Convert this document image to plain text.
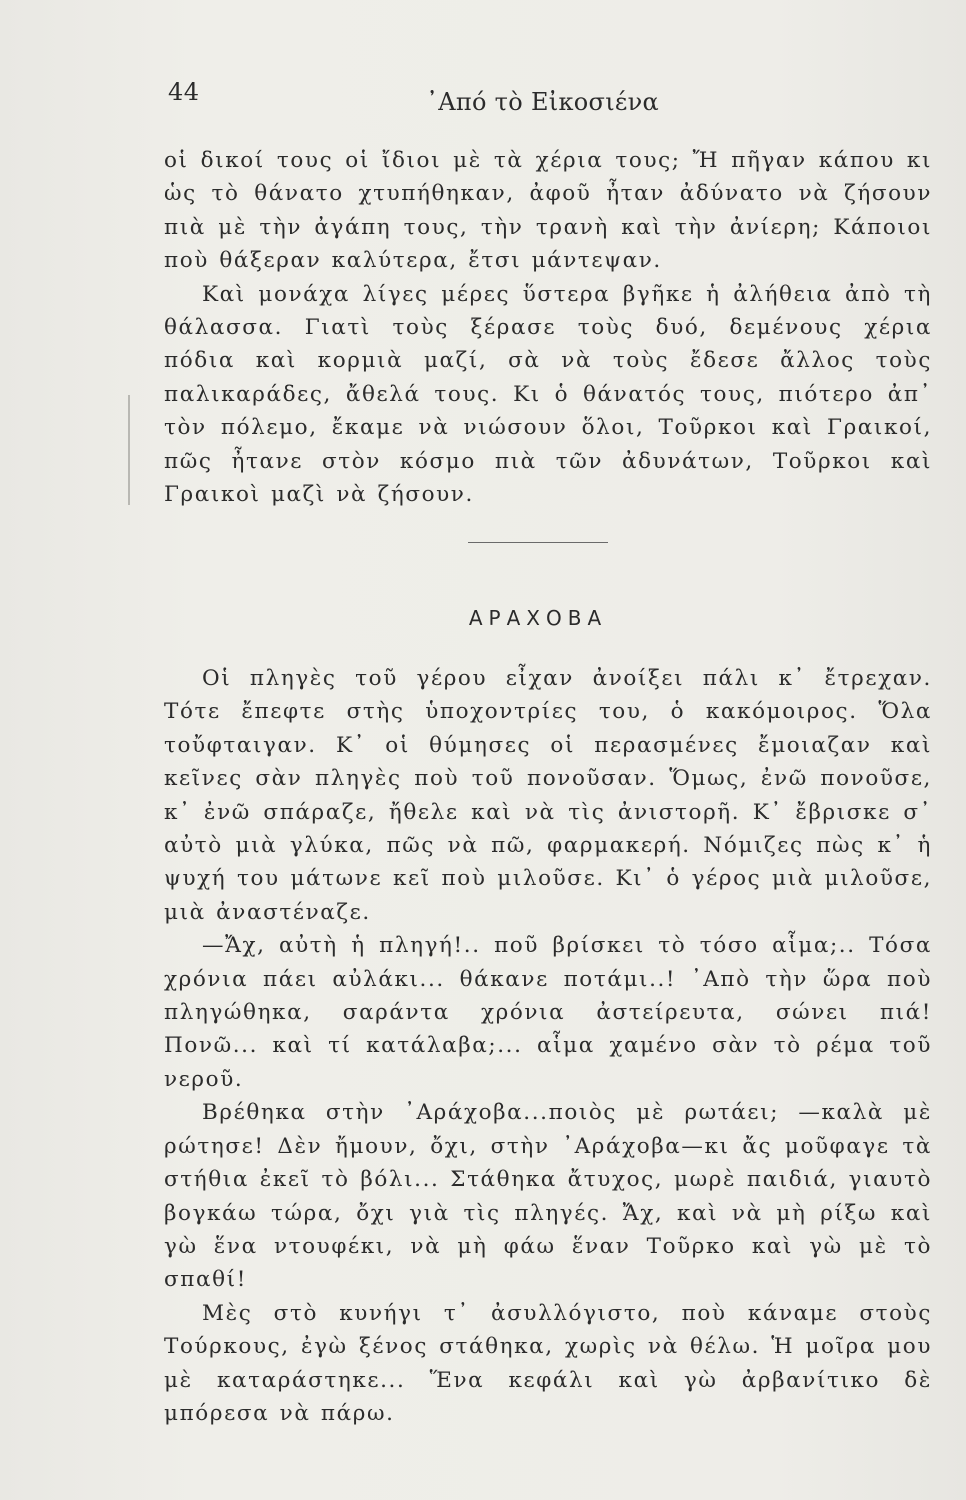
44	᾿Από τὸ Εἰκοσιένα

οἱ δικοί τους οἱ ἴδιοι μὲ τὰ χέρια τους; Ἤ πῆγαν κάπου κι ὡς τὸ θάνατο χτυπήθηκαν, ἀφοῦ ἦταν ἀδύνατο νὰ ζήσουν πιὰ μὲ τὴν ἀγάπη τους, τὴν τρανὴ καὶ τὴν ἀνίερη; Κάποιοι ποὺ θάξεραν καλύτερα, ἔτσι μάντεψαν.

Καὶ μονάχα λίγες μέρες ὕστερα βγῆκε ἡ ἀλήθεια ἀπὸ τὴ θάλασσα. Γιατὶ τοὺς ξέρασε τοὺς δυό, δεμένους χέρια πόδια καὶ κορμιὰ μαζί, σὰ νὰ τοὺς ἔδεσε ἄλλος τοὺς παλικαράδες, ἄθελά τους. Κι ὁ θάνατός τους, πιότερο ἀπ᾿ τὸν πόλεμο, ἔκαμε νὰ νιώσουν ὅλοι, Τοῦρκοι καὶ Γραικοί, πῶς ἦτανε στὸν κόσμο πιὰ τῶν ἀδυνάτων, Τοῦρκοι καὶ Γραικοὶ μαζὶ νὰ ζήσουν.

ΑΡΑΧΟΒΑ

Οἱ πληγὲς τοῦ γέρου εἶχαν ἀνοίξει πάλι κ᾿ ἔτρεχαν. Τότε ἔπεφτε στὴς ὑποχοντρίες του, ὁ κακόμοιρος. Ὅλα τοὔφταιγαν. Κ᾿ οἱ θύμησες οἱ περασμένες ἔμοιαζαν καὶ κεῖνες σὰν πληγὲς ποὺ τοῦ πονοῦσαν. Ὅμως, ἐνῶ πονοῦσε, κ᾿ ἐνῶ σπάραζε, ἤθελε καὶ νὰ τὶς ἀνιστορῆ. Κ᾿ ἔβρισκε σ᾿ αὐτὸ μιὰ γλύκα, πῶς νὰ πῶ, φαρμακερή. Νόμιζες πὼς κ᾿ ἡ ψυχή του μάτωνε κεῖ ποὺ μιλοῦσε. Κι᾿ ὁ γέρος μιὰ μιλοῦσε, μιὰ ἀναστέναζε.

—Ἄχ, αὐτὴ ἡ πληγή!.. ποῦ βρίσκει τὸ τόσο αἷμα;.. Τόσα χρόνια πάει αὐλάκι... θάκανε ποτάμι..! ᾿Απὸ τὴν ὥρα ποὺ πληγώθηκα, σαράντα χρόνια ἀστείρευτα, σώνει πιά! Πονῶ... καὶ τί κατάλαβα;... αἷμα χαμένο σὰν τὸ ρέμα τοῦ νεροῦ.

Βρέθηκα στὴν ᾿Αράχοβα...ποιὸς μὲ ρωτάει; —καλὰ μὲ ρώτησε! Δὲν ἤμουν, ὄχι, στὴν ᾿Αράχοβα—κι ἄς μοῦφαγε τὰ στήθια ἐκεῖ τὸ βόλι... Στάθηκα ἄτυχος, μωρὲ παιδιά, γιαυτὸ βογκάω τώρα, ὄχι γιὰ τὶς πληγές. Ἄχ, καὶ νὰ μὴ ρίξω καὶ γὼ ἕνα ντουφέκι, νὰ μὴ φάω ἕναν Τοῦρκο καὶ γὼ μὲ τὸ σπαθί!

Μὲς στὸ κυνήγι τ᾿ ἀσυλλόγιστο, ποὺ κάναμε στοὺς Τούρκους, ἐγὼ ξένος στάθηκα, χωρὶς νὰ θέλω. Ἡ μοῖρα μου μὲ καταράστηκε... Ἕνα κεφάλι καὶ γὼ ἀρβανίτικο δὲ μπόρεσα νὰ πάρω.
